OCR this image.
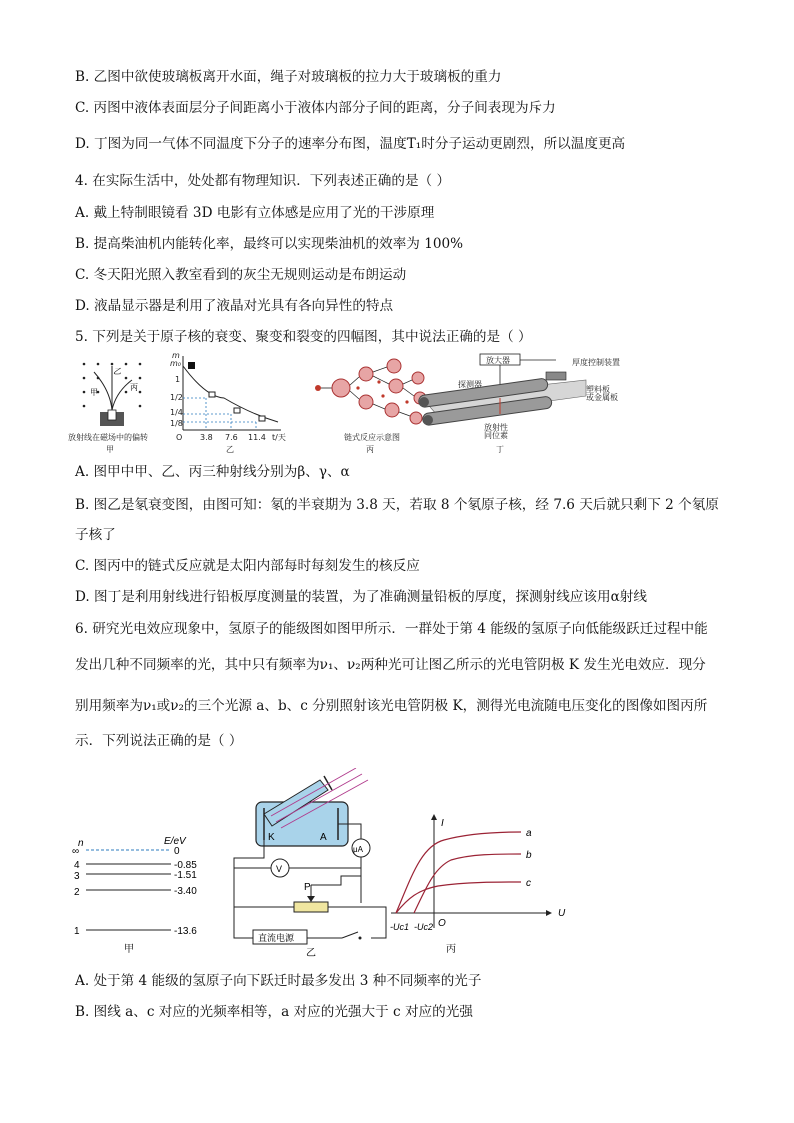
B. 乙图中欲使玻璃板离开水面，绳子对玻璃板的拉力大于玻璃板的重力
C. 丙图中液体表面层分子间距离小于液体内部分子间的距离，分子间表现为斥力
D. 丁图为同一气体不同温度下分子的速率分布图，温度T₁时分子运动更剧烈，所以温度更高
4. 在实际生活中，处处都有物理知识．下列表述正确的是（ ）
A. 戴上特制眼镜看 3D 电影有立体感是应用了光的干涉原理
B. 提高柴油机内能转化率，最终可以实现柴油机的效率为 100%
C. 冬天阳光照入教室看到的灰尘无规则运动是布朗运动
D. 液晶显示器是利用了液晶对光具有各向异性的特点
5. 下列是关于原子核的衰变、聚变和裂变的四幅图，其中说法正确的是（ ）
甲
乙
丙
放射线在磁场中的偏转
甲
m
m₀
1
1/2
1/4
1/8
O 3.8 7.6 11.4 t/天
乙
链式反应示意图
丙
放大器	厚度控制装置
探测器
塑料板
或金属板
放射性
同位素
丁
A. 图甲中甲、乙、丙三种射线分别为β、γ、α
B. 图乙是氡衰变图，由图可知：氡的半衰期为 3.8 天，若取 8 个氡原子核，经 7.6 天后就只剩下 2 个氡原
子核了
C. 图丙中的链式反应就是太阳内部每时每刻发生的核反应
D. 图丁是利用射线进行铅板厚度测量的装置，为了准确测量铅板的厚度，探测射线应该用α射线
6. 研究光电效应现象中，氢原子的能级图如图甲所示．一群处于第 4 能级的氢原子向低能级跃迁过程中能
发出几种不同频率的光，其中只有频率为ν₁、ν₂两种光可让图乙所示的光电管阴极 K 发生光电效应．现分
别用频率为ν₁或ν₂的三个光源 a、b、c 分别照射该光电管阴极 K，测得光电流随电压变化的图像如图丙所
示．下列说法正确的是（ ）
n	E/eV
∞	0
4	-0.85
3	-1.51
2	-3.40
1	-13.6
甲
K	A
μA
V
P
直流电源
乙
I
U
O
a
b
c
-Uc1 -Uc2
丙
A. 处于第 4 能级的氢原子向下跃迁时最多发出 3 种不同频率的光子
B. 图线 a、c 对应的光频率相等，a 对应的光强大于 c 对应的光强
